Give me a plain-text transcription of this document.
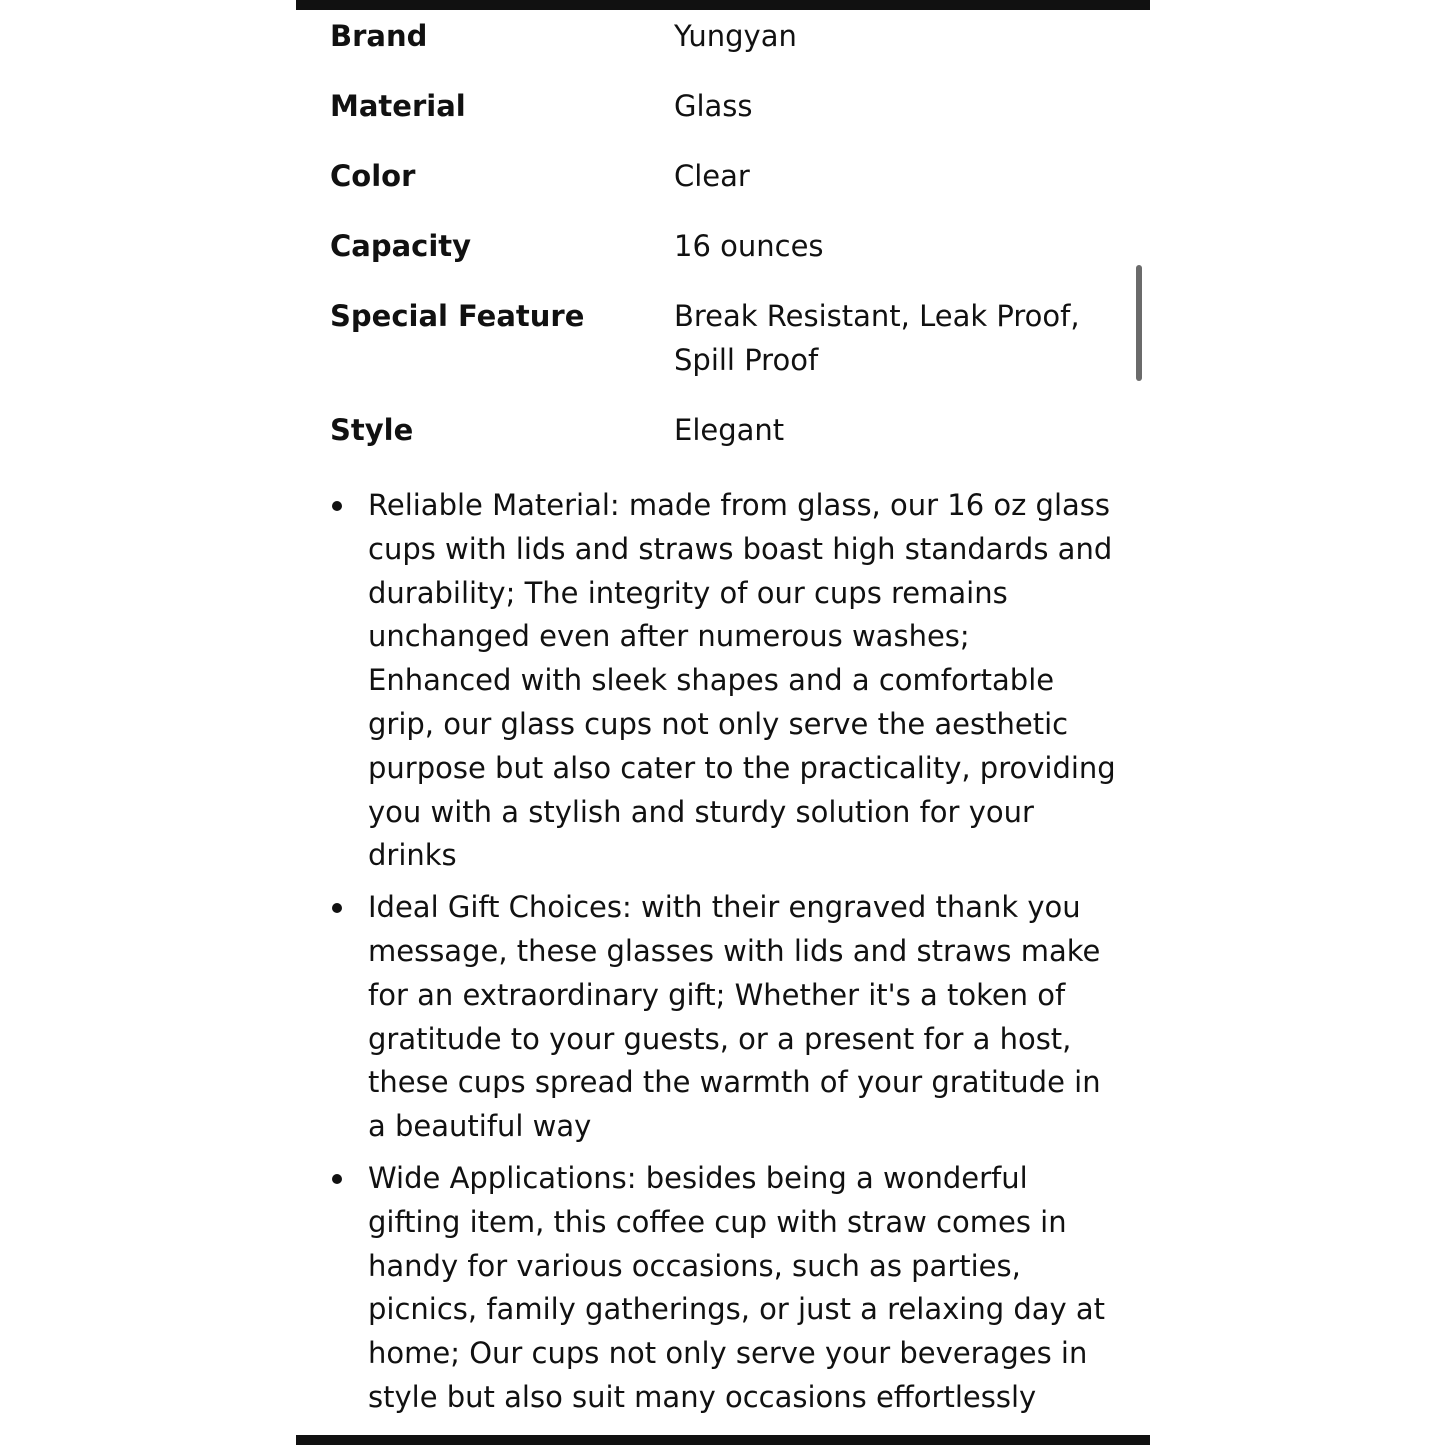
Brand	Yungyan
Material	Glass
Color	Clear
Capacity	16 ounces
Special Feature	Break Resistant, Leak Proof, Spill Proof
Style	Elegant
Reliable Material: made from glass, our 16 oz glass cups with lids and straws boast high standards and durability; The integrity of our cups remains unchanged even after numerous washes; Enhanced with sleek shapes and a comfortable grip, our glass cups not only serve the aesthetic purpose but also cater to the practicality, providing you with a stylish and sturdy solution for your drinks
Ideal Gift Choices: with their engraved thank you message, these glasses with lids and straws make for an extraordinary gift; Whether it's a token of gratitude to your guests, or a present for a host, these cups spread the warmth of your gratitude in a beautiful way
Wide Applications: besides being a wonderful gifting item, this coffee cup with straw comes in handy for various occasions, such as parties, picnics, family gatherings, or just a relaxing day at home; Our cups not only serve your beverages in style but also suit many occasions effortlessly
